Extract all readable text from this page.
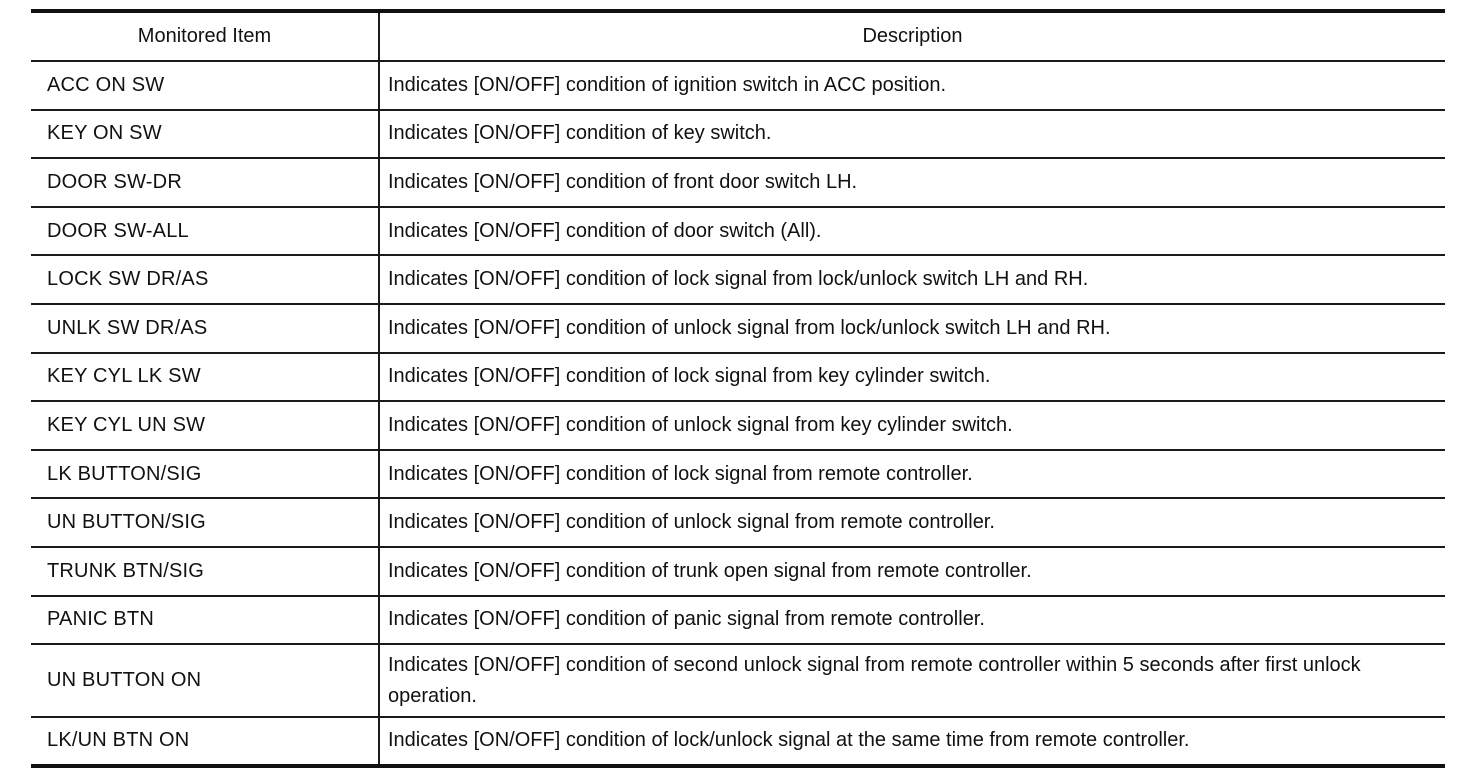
Monitored Item	Description
ACC ON SW	Indicates [ON/OFF] condition of ignition switch in ACC position.
KEY ON SW	Indicates [ON/OFF] condition of key switch.
DOOR SW-DR	Indicates [ON/OFF] condition of front door switch LH.
DOOR SW-ALL	Indicates [ON/OFF] condition of door switch (All).
LOCK SW DR/AS	Indicates [ON/OFF] condition of lock signal from lock/unlock switch LH and RH.
UNLK SW DR/AS	Indicates [ON/OFF] condition of unlock signal from lock/unlock switch LH and RH.
KEY CYL LK SW	Indicates [ON/OFF] condition of lock signal from key cylinder switch.
KEY CYL UN SW	Indicates [ON/OFF] condition of unlock signal from key cylinder switch.
LK BUTTON/SIG	Indicates [ON/OFF] condition of lock signal from remote controller.
UN BUTTON/SIG	Indicates [ON/OFF] condition of unlock signal from remote controller.
TRUNK BTN/SIG	Indicates [ON/OFF] condition of trunk open signal from remote controller.
PANIC BTN	Indicates [ON/OFF] condition of panic signal from remote controller.
UN BUTTON ON	Indicates [ON/OFF] condition of second unlock signal from remote controller within 5 seconds after first unlock operation.
LK/UN BTN ON	Indicates [ON/OFF] condition of lock/unlock signal at the same time from remote controller.
